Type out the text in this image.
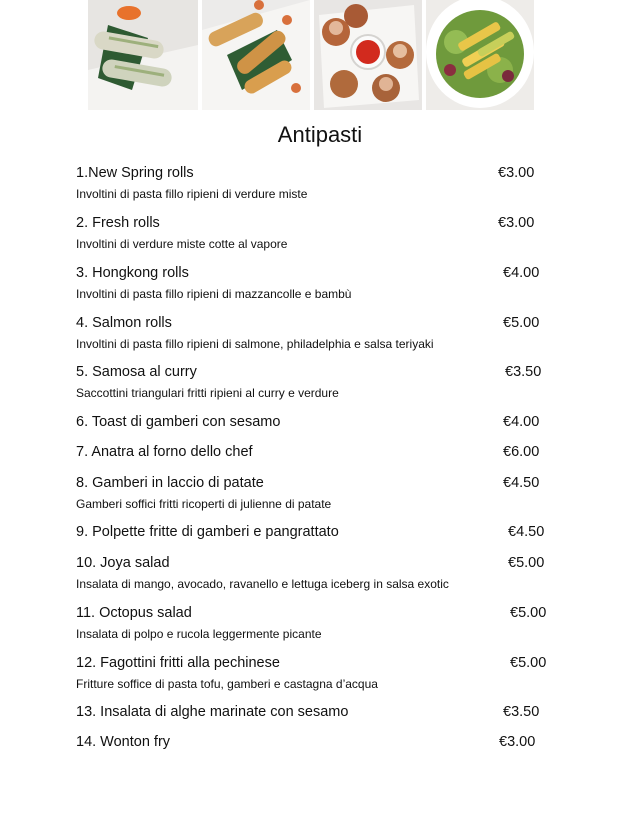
Antipasti
1.New Spring rolls	€3.00
Involtini di pasta fillo ripieni di verdure miste
2. Fresh rolls	€3.00
Involtini di verdure miste cotte al vapore
3. Hongkong rolls	€4.00
Involtini di pasta fillo ripieni di mazzancolle e bambù
4. Salmon rolls	€5.00
Involtini di pasta fillo ripieni di salmone, philadelphia e salsa teriyaki
5. Samosa al curry	€3.50
Saccottini triangulari fritti ripieni al curry e verdure
6. Toast di gamberi con sesamo	€4.00
7. Anatra al forno dello chef	€6.00
8. Gamberi in laccio di patate	€4.50
Gamberi soffici fritti ricoperti di julienne di patate
9. Polpette fritte di gamberi e pangrattato	€4.50
10. Joya salad	€5.00
Insalata di mango, avocado, ravanello e lettuga iceberg in salsa exotic
11. Octopus salad	€5.00
Insalata di polpo e rucola leggermente picante
12. Fagottini fritti alla pechinese	€5.00
Fritture soffice di pasta tofu, gamberi e castagna d’acqua
13. Insalata di alghe marinate con sesamo	€3.50
14. Wonton fry	€3.00
